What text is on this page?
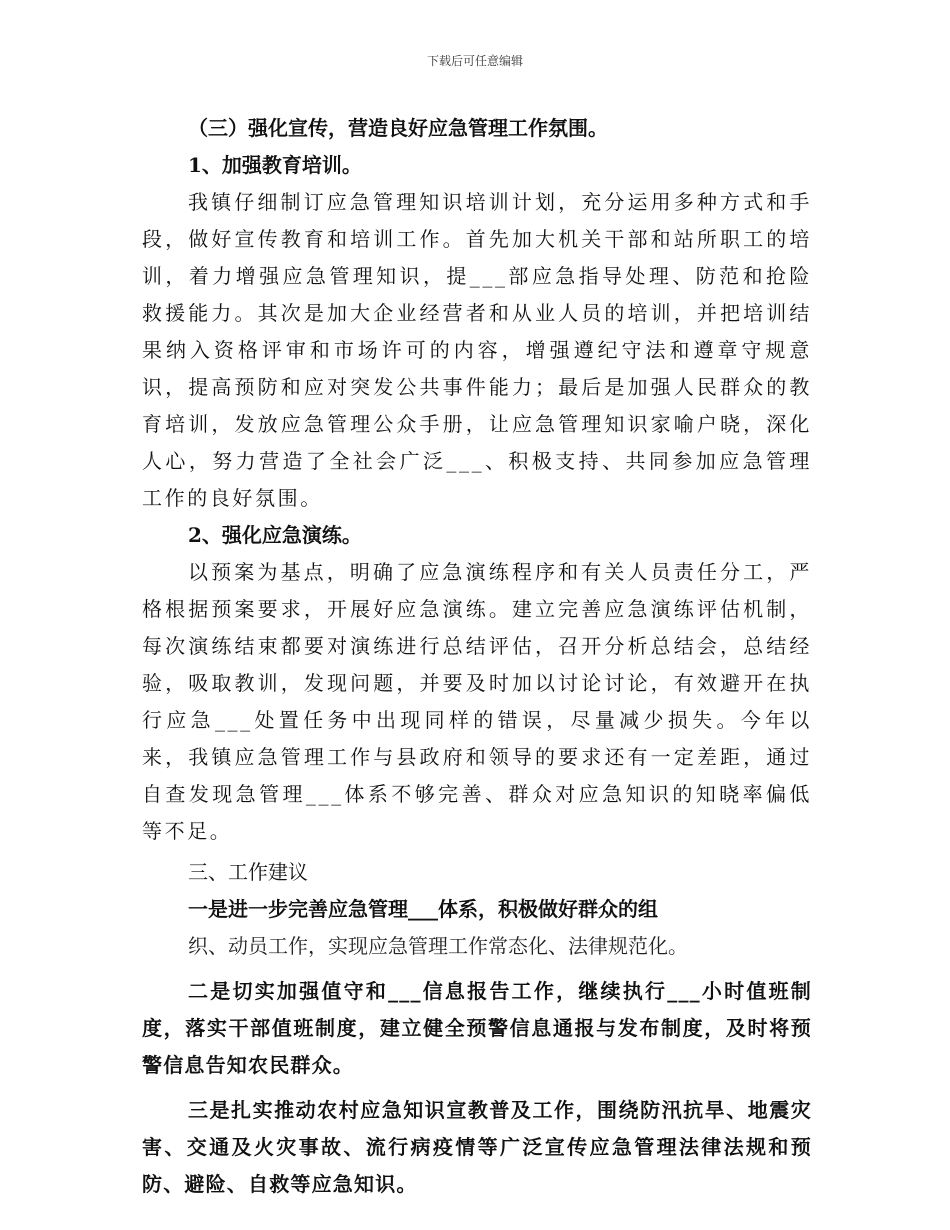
下载后可任意编辑

（三）强化宣传，营造良好应急管理工作氛围。

1、加强教育培训。

我镇仔细制订应急管理知识培训计划，充分运用多种方式和手段，做好宣传教育和培训工作。首先加大机关干部和站所职工的培训，着力增强应急管理知识，提___部应急指导处理、防范和抢险救援能力。其次是加大企业经营者和从业人员的培训，并把培训结果纳入资格评审和市场许可的内容，增强遵纪守法和遵章守规意识，提高预防和应对突发公共事件能力；最后是加强人民群众的教育培训，发放应急管理公众手册，让应急管理知识家喻户晓，深化人心，努力营造了全社会广泛___、积极支持、共同参加应急管理工作的良好氛围。

2、强化应急演练。

以预案为基点，明确了应急演练程序和有关人员责任分工，严格根据预案要求，开展好应急演练。建立完善应急演练评估机制，每次演练结束都要对演练进行总结评估，召开分析总结会，总结经验，吸取教训，发现问题，并要及时加以讨论讨论，有效避开在执行应急___处置任务中出现同样的错误，尽量减少损失。今年以来，我镇应急管理工作与县政府和领导的要求还有一定差距，通过自查发现急管理___体系不够完善、群众对应急知识的知晓率偏低等不足。

三、工作建议

一是进一步完善应急管理___体系，积极做好群众的组

织、动员工作，实现应急管理工作常态化、法律规范化。

二是切实加强值守和___信息报告工作，继续执行___小时值班制度，落实干部值班制度，建立健全预警信息通报与发布制度，及时将预警信息告知农民群众。

三是扎实推动农村应急知识宣教普及工作，围绕防汛抗旱、地震灾害、交通及火灾事故、流行病疫情等广泛宣传应急管理法律法规和预防、避险、自救等应急知识。
